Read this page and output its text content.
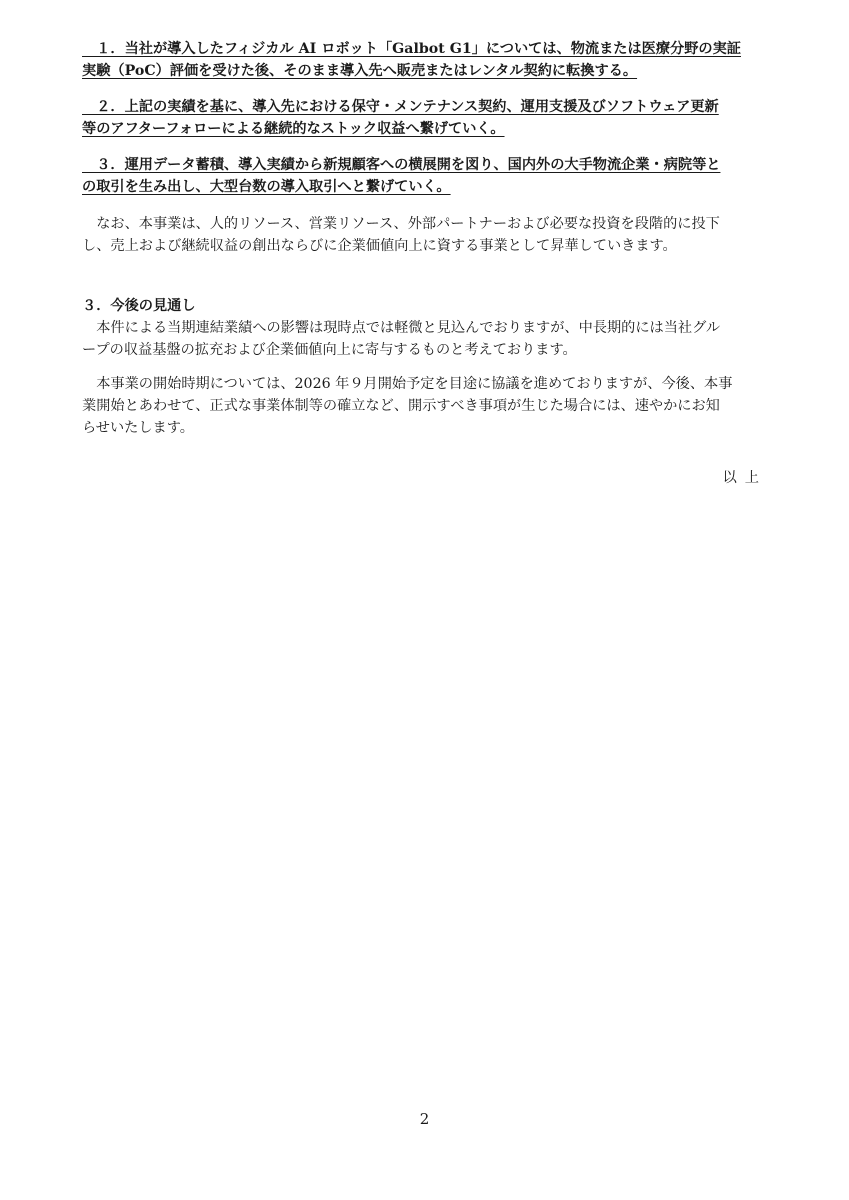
　１．当社が導入したフィジカル AI ロボット「Galbot G1」については、物流または医療分野の実証
実験（PoC）評価を受けた後、そのまま導入先へ販売またはレンタル契約に転換する。

　２．上記の実績を基に、導入先における保守・メンテナンス契約、運用支援及びソフトウェア更新
等のアフターフォローによる継続的なストック収益へ繋げていく。

　３．運用データ蓄積、導入実績から新規顧客への横展開を図り、国内外の大手物流企業・病院等と
の取引を生み出し、大型台数の導入取引へと繋げていく。

　なお、本事業は、人的リソース、営業リソース、外部パートナーおよび必要な投資を段階的に投下
し、売上および継続収益の創出ならびに企業価値向上に資する事業として昇華していきます。

３．今後の見通し

　本件による当期連結業績への影響は現時点では軽微と見込んでおりますが、中長期的には当社グル
ープの収益基盤の拡充および企業価値向上に寄与するものと考えております。

　本事業の開始時期については、2026 年９月開始予定を目途に協議を進めておりますが、今後、本事
業開始とあわせて、正式な事業体制等の確立など、開示すべき事項が生じた場合には、速やかにお知
らせいたします。

以上

2
